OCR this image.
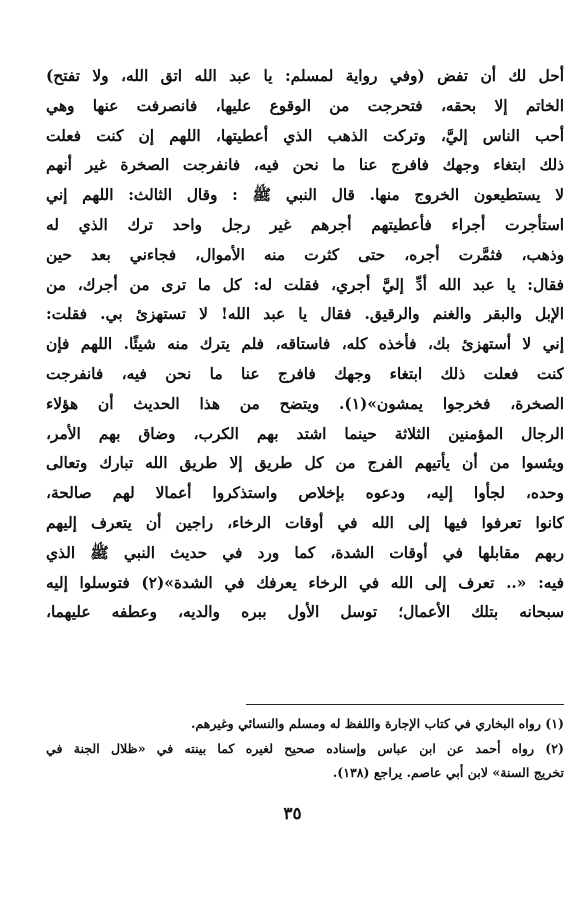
أحل لك أن تفض (وفي رواية لمسلم: يا عبد الله اتق الله، ولا تفتح)
الخاتم إلا بحقه، فتحرجت من الوقوع عليها، فانصرفت عنها وهي
أحب الناس إليَّ، وتركت الذهب الذي أعطيتها، اللهم إن كنت فعلت
ذلك ابتغاء وجهك فافرج عنا ما نحن فيه، فانفرجت الصخرة غير أنهم
لا يستطيعون الخروج منها. قال النبي ﷺ : وقال الثالث: اللهم إني
استأجرت أجراء فأعطيتهم أجرهم غير رجل واحد ترك الذي له
وذهب، فثمَّرت أجره، حتى كثرت منه الأموال، فجاءني بعد حين
فقال: يا عبد الله أدِّ إليَّ أجري، فقلت له: كل ما ترى من أجرك، من
الإبل والبقر والغنم والرقيق. فقال يا عبد الله! لا تستهزئ بي. فقلت:
إني لا أستهزئ بك، فأخذه كله، فاستاقه، فلم يترك منه شيئًا. اللهم فإن
كنت فعلت ذلك ابتغاء وجهك فافرج عنا ما نحن فيه، فانفرجت
الصخرة، فخرجوا يمشون»(١). ويتضح من هذا الحديث أن هؤلاء
الرجال المؤمنين الثلاثة حينما اشتد بهم الكرب، وضاق بهم الأمر،
ويئسوا من أن يأتيهم الفرج من كل طريق إلا طريق الله تبارك وتعالى
وحده، لجأوا إليه، ودعوه بإخلاص واستذكروا أعمالا لهم صالحة،
كانوا تعرفوا فيها إلى الله في أوقات الرخاء، راجين أن يتعرف إليهم
ربهم مقابلها في أوقات الشدة، كما ورد في حديث النبي ﷺ الذي
فيه: «.. تعرف إلى الله في الرخاء يعرفك في الشدة»(٢) فتوسلوا إليه
سبحانه بتلك الأعمال؛ توسل الأول ببره والديه، وعطفه عليهما،
(١) رواه البخاري في كتاب الإجارة واللفظ له ومسلم والنسائي وغيرهم.
(٢) رواه أحمد عن ابن عباس وإسناده صحيح لغيره كما بينته في «ظلال الجنة في
تخريج السنة» لابن أبي عاصم. يراجع (١٣٨).
٣٥
